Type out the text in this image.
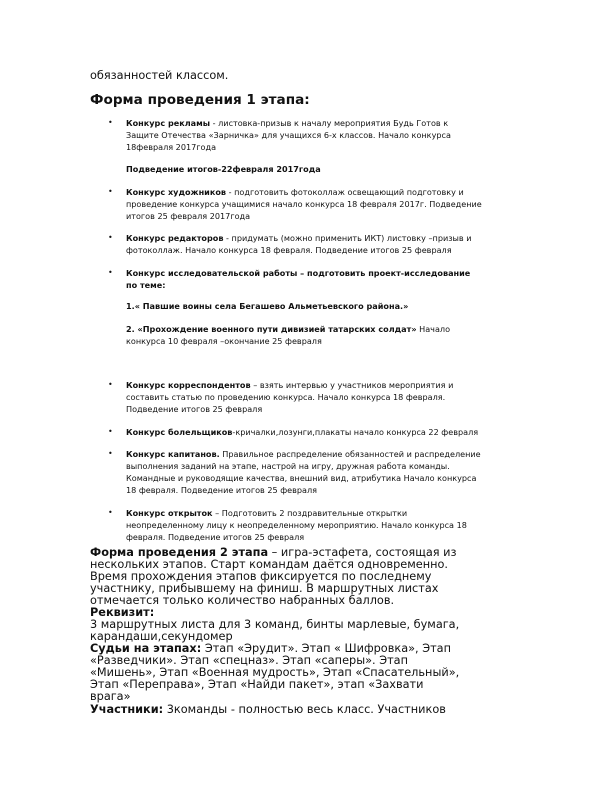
обязанностей классом.
Форма проведения 1 этапа:
• Конкурс рекламы - листовка-призыв к началу мероприятия Будь Готов к
Защите Отечества «Зарничка» для учащихся 6-х классов. Начало конкурса
18февраля 2017года
Подведение итогов-22февраля 2017года
• Конкурс художников - подготовить фотоколлаж освещающий подготовку и
проведение конкурса учащимися начало конкурса 18 февраля 2017г. Подведение
итогов 25 февраля 2017года
• Конкурс редакторов - придумать (можно применить ИКТ) листовку –призыв и
фотоколлаж. Начало конкурса 18 февраля. Подведение итогов 25 февраля
• Конкурс исследовательской работы – подготовить проект-исследование
по теме:
1.« Павшие воины села Бегашево Альметьевского района.»
2. «Прохождение военного пути дивизией татарских солдат» Начало
конкурса 10 февраля –окончание 25 февраля
• Конкурс корреспондентов – взять интервью у участников мероприятия и
составить статью по проведению конкурса. Начало конкурса 18 февраля.
Подведение итогов 25 февраля
• Конкурс болельщиков-кричалки,лозунги,плакаты начало конкурса 22 февраля
• Конкурс капитанов. Правильное распределение обязанностей и распределение
выполнения заданий на этапе, настрой на игру, дружная работа команды.
Командные и руководящие качества, внешний вид, атрибутика Начало конкурса
18 февраля. Подведение итогов 25 февраля
• Конкурс открыток – Подготовить 2 поздравительные открытки
неопределенному лицу к неопределенному мероприятию. Начало конкурса 18
февраля. Подведение итогов 25 февраля
Форма проведения 2 этапа – игра-эстафета, состоящая из
нескольких этапов. Старт командам даётся одновременно.
Время прохождения этапов фиксируется по последнему
участнику, прибывшему на финиш. В маршрутных листах
отмечается только количество набранных баллов.
Реквизит:
3 маршрутных листа для 3 команд, бинты марлевые, бумага,
карандаши,секундомер
Судьи на этапах: Этап «Эрудит». Этап « Шифровка», Этап
«Разведчики». Этап «спецназ». Этап «саперы». Этап
«Мишень», Этап «Военная мудрость», Этап «Спасательный»,
Этап «Переправа», Этап «Найди пакет», этап «Захвати
врага»
Участники: 3команды - полностью весь класс. Участников
